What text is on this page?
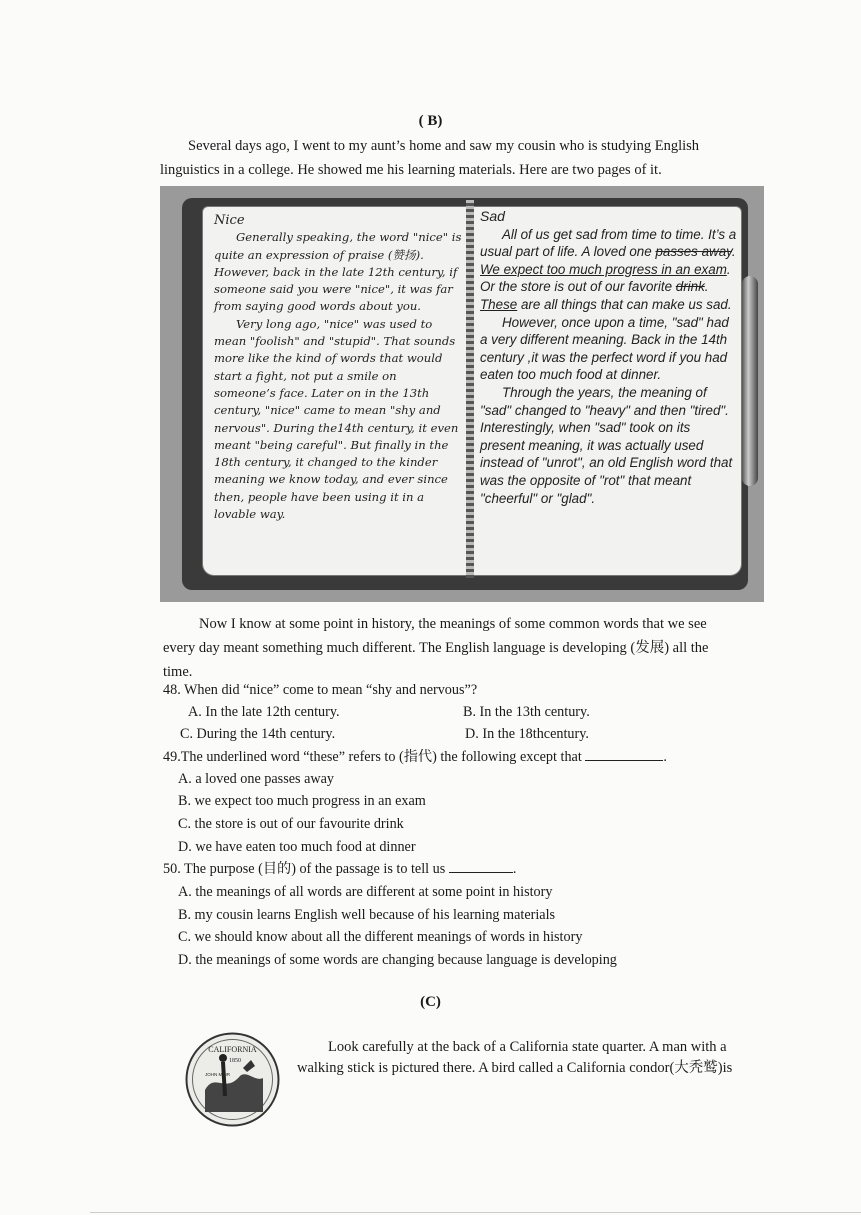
( B)
Several days ago, I went to my aunt’s home and saw my cousin who is studying English
linguistics in a college. He showed me his learning materials. Here are two pages of it.
Nice
Generally speaking, the word "nice" is quite an expression of praise (赞扬). However, back in the late 12th century, if someone said you were "nice", it was far from saying good words about you.
Very long ago, "nice" was used to mean "foolish" and "stupid". That sounds more like the kind of words that would start a fight, not put a smile on someone’s face. Later on in the 13th century, "nice" came to mean "shy and nervous". During the14th century, it even meant "being careful". But finally in the 18th century, it changed to the kinder meaning we know today, and ever since then, people have been using it in a lovable way.
Sad
All of us get sad from time to time. It’s a usual part of life. A loved one passes away. We expect too much progress in an exam. Or the store is out of our favorite drink. These are all things that can make us sad.
However, once upon a time, "sad" had a very different meaning. Back in the 14th century ,it was the perfect word if you had eaten too much food at dinner.
Through the years, the meaning of "sad" changed to "heavy" and then "tired". Interestingly, when "sad" took on its present meaning, it was actually used instead of "unrot", an old English word that was the opposite of "rot" that meant "cheerful" or "glad".
Now I know at some point in history, the meanings of some common words that we see
every day meant something much different. The English language is developing (发展) all the
time.
48. When did “nice” come to mean “shy and nervous”?
A. In the late 12th century.	B. In the 13th century.
C. During the 14th century.	D. In the 18thcentury.
49.The underlined word “these” refers to (指代) the following except that	.
A. a loved one passes away
B. we expect too much progress in an exam
C. the store is out of our favourite drink
D. we have eaten too much food at dinner
50. The purpose (目的) of the passage is to tell us	.
A. the meanings of all words are different at some point in history
B. my cousin learns English well because of his learning materials
C. we should know about all the different meanings of words in history
D. the meanings of some words are changing because language is developing
(C)
CALIFORNIA
1850
JOHN MUIR
Look carefully at the back of a California state quarter. A man with a
walking stick is pictured there. A bird called a California condor(大秃鹫)is
